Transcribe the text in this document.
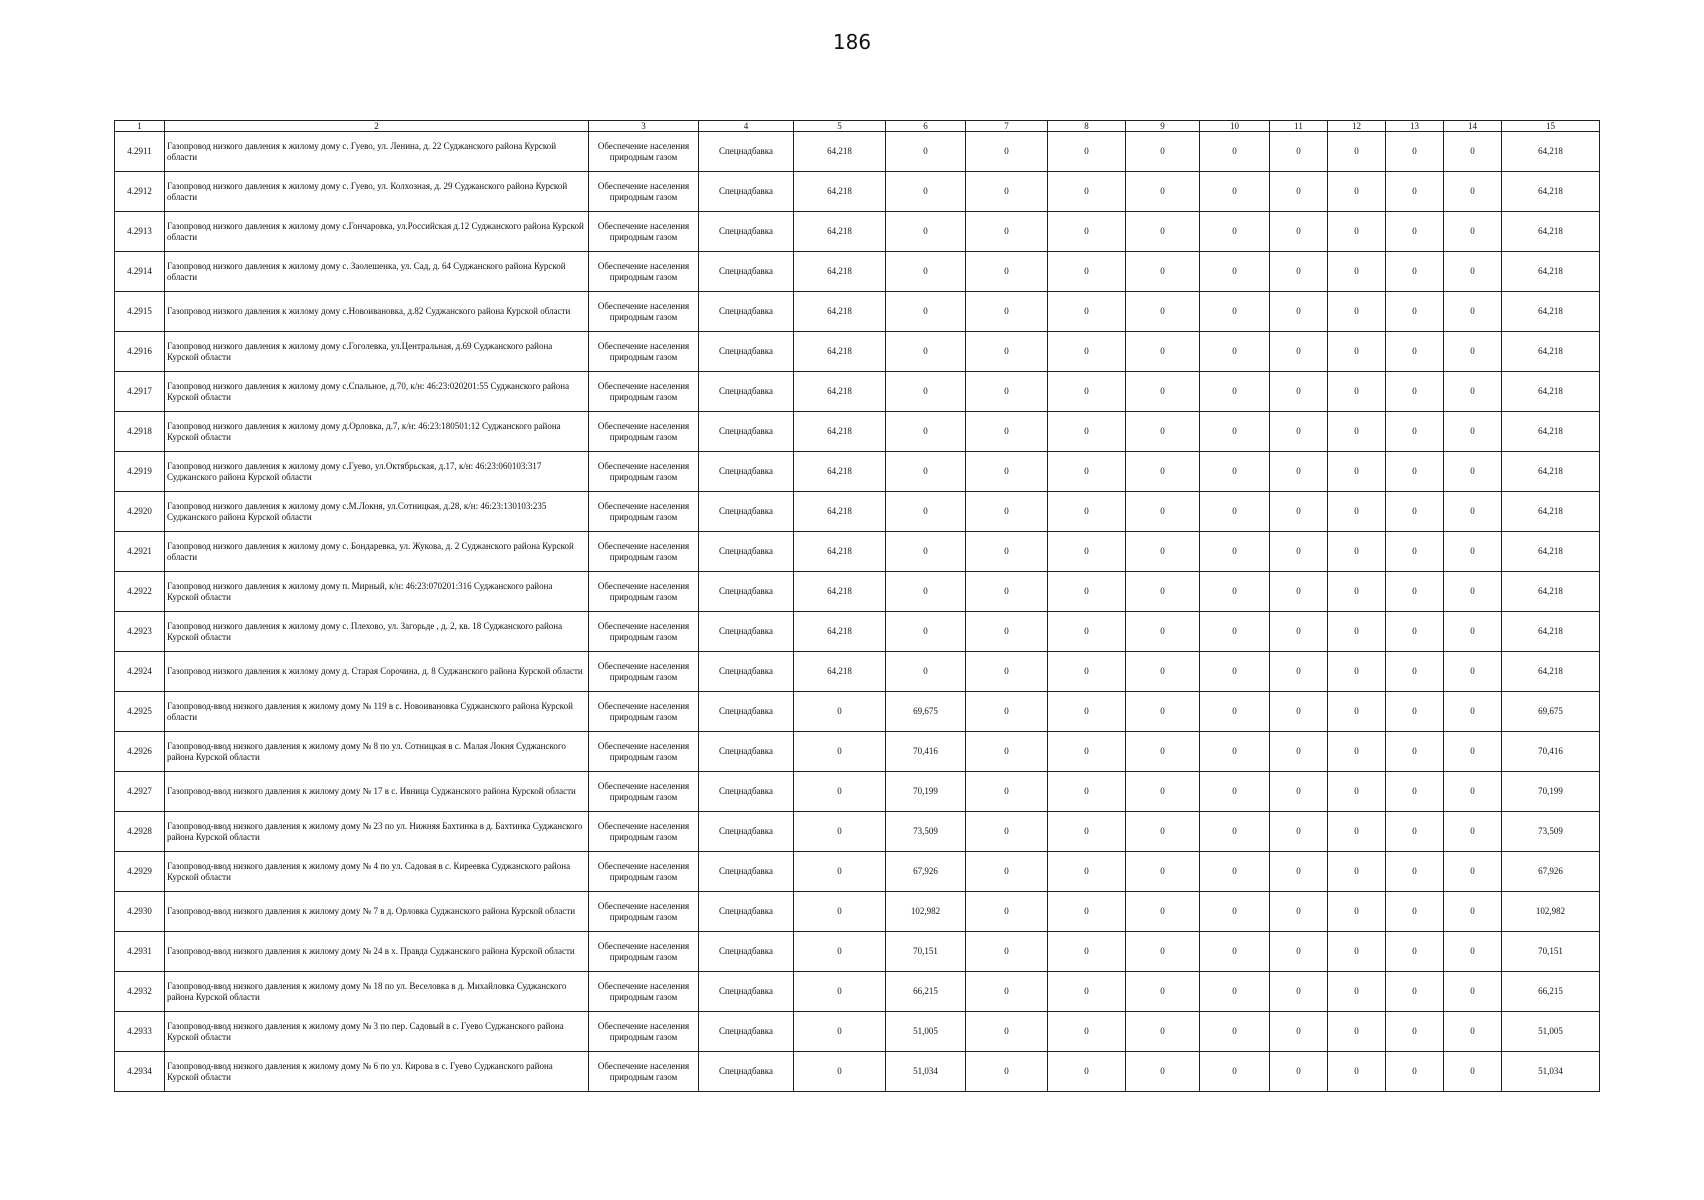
186
1	2	3	4	5	6	7	8	9	10	11	12	13	14	15
4.2911	Газопровод низкого давления к жилому дому с. Гуево, ул. Ленина, д. 22 Суджанского района Курской области	Обеспечение населения природным газом	Спецнадбавка	64,218	0	0	0	0	0	0	0	0	0	64,218
4.2912	Газопровод низкого давления к жилому дому с. Гуево, ул. Колхозная, д. 29 Суджанского района Курской области	Обеспечение населения природным газом	Спецнадбавка	64,218	0	0	0	0	0	0	0	0	0	64,218
4.2913	Газопровод низкого давления к жилому дому с.Гончаровка, ул.Российская д.12 Суджанского района Курской области	Обеспечение населения природным газом	Спецнадбавка	64,218	0	0	0	0	0	0	0	0	0	64,218
4.2914	Газопровод низкого давления к жилому дому с. Заолешенка, ул. Сад, д. 64 Суджанского района Курской области	Обеспечение населения природным газом	Спецнадбавка	64,218	0	0	0	0	0	0	0	0	0	64,218
4.2915	Газопровод низкого давления к жилому дому с.Новоивановка, д.82 Суджанского района Курской области	Обеспечение населения природным газом	Спецнадбавка	64,218	0	0	0	0	0	0	0	0	0	64,218
4.2916	Газопровод низкого давления к жилому дому с.Гоголевка, ул.Центральная, д.69 Суджанского района Курской области	Обеспечение населения природным газом	Спецнадбавка	64,218	0	0	0	0	0	0	0	0	0	64,218
4.2917	Газопровод низкого давления к жилому дому с.Спальное, д.70, к/н: 46:23:020201:55 Суджанского района Курской области	Обеспечение населения природным газом	Спецнадбавка	64,218	0	0	0	0	0	0	0	0	0	64,218
4.2918	Газопровод низкого давления к жилому дому д.Орловка, д.7, к/н: 46:23:180501:12 Суджанского района Курской области	Обеспечение населения природным газом	Спецнадбавка	64,218	0	0	0	0	0	0	0	0	0	64,218
4.2919	Газопровод низкого давления к жилому дому с.Гуево, ул.Октябрьская, д.17, к/н: 46:23:060103:317 Суджанского района Курской области	Обеспечение населения природным газом	Спецнадбавка	64,218	0	0	0	0	0	0	0	0	0	64,218
4.2920	Газопровод низкого давления к жилому дому с.М.Локня, ул.Сотницкая, д.28, к/н: 46:23:130103:235 Суджанского района Курской области	Обеспечение населения природным газом	Спецнадбавка	64,218	0	0	0	0	0	0	0	0	0	64,218
4.2921	Газопровод низкого давления к жилому дому с. Бондаревка, ул. Жукова, д. 2 Суджанского района Курской области	Обеспечение населения природным газом	Спецнадбавка	64,218	0	0	0	0	0	0	0	0	0	64,218
4.2922	Газопровод низкого давления к жилому дому п. Мирный, к/н: 46:23:070201:316 Суджанского района Курской области	Обеспечение населения природным газом	Спецнадбавка	64,218	0	0	0	0	0	0	0	0	0	64,218
4.2923	Газопровод низкого давления к жилому дому с. Плехово, ул. Загорьде , д. 2, кв. 18 Суджанского района Курской области	Обеспечение населения природным газом	Спецнадбавка	64,218	0	0	0	0	0	0	0	0	0	64,218
4.2924	Газопровод низкого давления к жилому дому д. Старая Сорочина, д. 8 Суджанского района Курской области	Обеспечение населения природным газом	Спецнадбавка	64,218	0	0	0	0	0	0	0	0	0	64,218
4.2925	Газопровод-ввод низкого давления к жилому дому № 119 в с. Новоивановка Суджанского района Курской области	Обеспечение населения природным газом	Спецнадбавка	0	69,675	0	0	0	0	0	0	0	0	69,675
4.2926	Газопровод-ввод низкого давления к жилому дому № 8 по ул. Сотницкая в с. Малая Локня Суджанского района Курской области	Обеспечение населения природным газом	Спецнадбавка	0	70,416	0	0	0	0	0	0	0	0	70,416
4.2927	Газопровод-ввод низкого давления к жилому дому № 17 в с. Ивница Суджанского района Курской области	Обеспечение населения природным газом	Спецнадбавка	0	70,199	0	0	0	0	0	0	0	0	70,199
4.2928	Газопровод-ввод низкого давления к жилому дому № 23 по ул. Нижняя Бахтинка в д. Бахтинка Суджанского района Курской области	Обеспечение населения природным газом	Спецнадбавка	0	73,509	0	0	0	0	0	0	0	0	73,509
4.2929	Газопровод-ввод низкого давления к жилому дому № 4 по ул. Садовая в с. Киреевка Суджанского района Курской области	Обеспечение населения природным газом	Спецнадбавка	0	67,926	0	0	0	0	0	0	0	0	67,926
4.2930	Газопровод-ввод низкого давления к жилому дому № 7 в д. Орловка Суджанского района Курской области	Обеспечение населения природным газом	Спецнадбавка	0	102,982	0	0	0	0	0	0	0	0	102,982
4.2931	Газопровод-ввод низкого давления к жилому дому № 24 в х. Правда Суджанского района Курской области	Обеспечение населения природным газом	Спецнадбавка	0	70,151	0	0	0	0	0	0	0	0	70,151
4.2932	Газопровод-ввод низкого давления к жилому дому № 18 по ул. Веселовка в д. Михайловка Суджанского района Курской области	Обеспечение населения природным газом	Спецнадбавка	0	66,215	0	0	0	0	0	0	0	0	66,215
4.2933	Газопровод-ввод низкого давления к жилому дому № 3 по пер. Садовый в с. Гуево Суджанского района Курской области	Обеспечение населения природным газом	Спецнадбавка	0	51,005	0	0	0	0	0	0	0	0	51,005
4.2934	Газопровод-ввод низкого давления к жилому дому № 6 по ул. Кирова в с. Гуево Суджанского района Курской области	Обеспечение населения природным газом	Спецнадбавка	0	51,034	0	0	0	0	0	0	0	0	51,034
